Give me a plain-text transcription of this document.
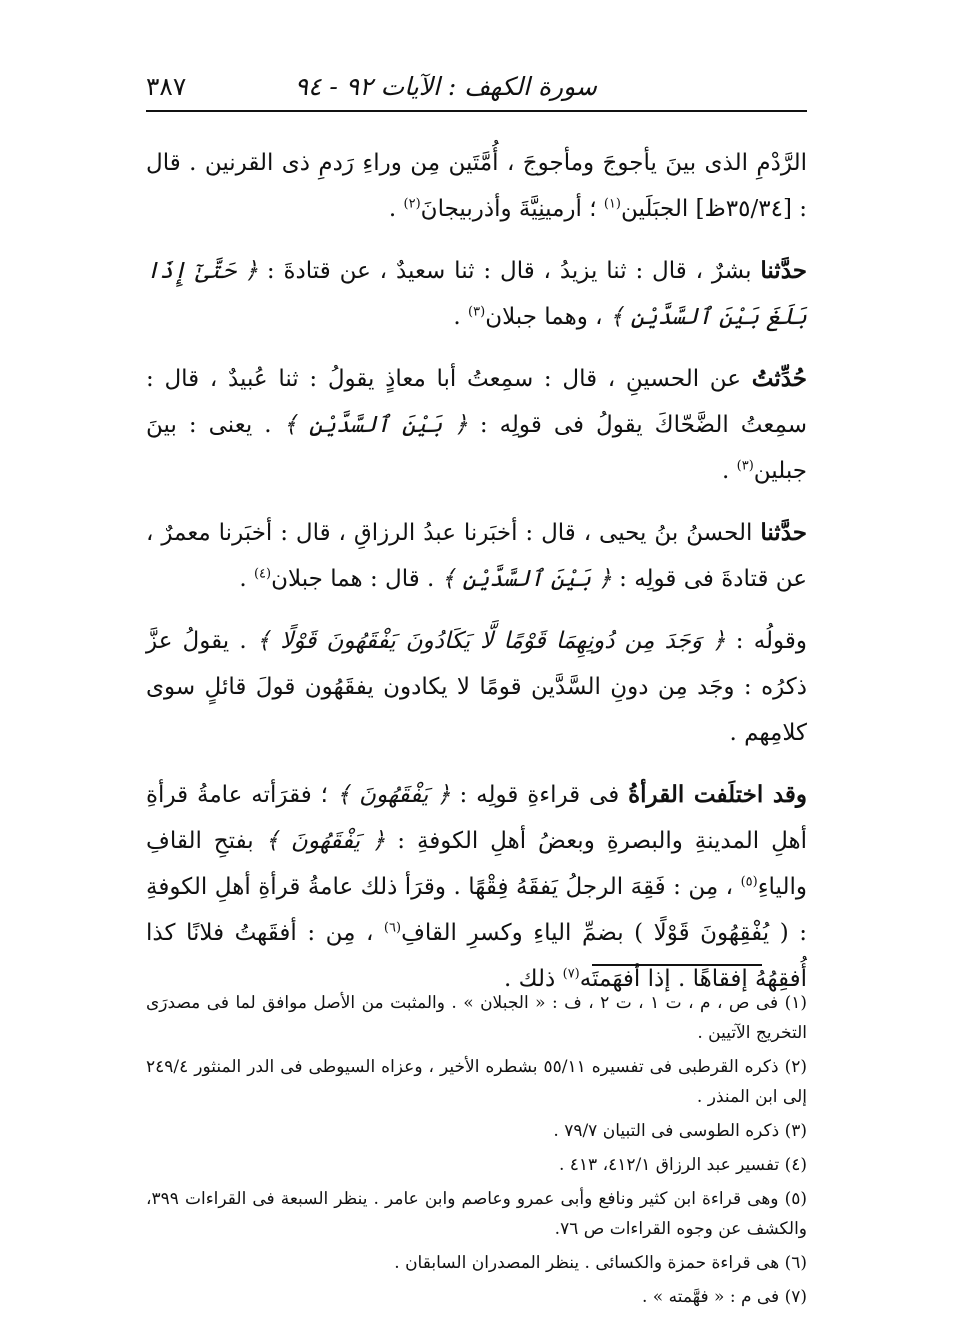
سورة الكهف : الآيات ٩٢ - ٩٤
٣٨٧

الرَّدْمِ الذى بينَ يأجوجَ ومأجوجَ ، أُمَّتَين مِن وراءِ رَدمِ ذى القرنين . قال : [٣٥/٣٤ظ] الجبَلَين$^{(١)}$ ؛ أرمينِيَّةَ وأذربيجانَ$^{(٢)}$ .

حدَّثنا بشرٌ ، قال : ثنا يزيدُ ، قال : ثنا سعيدٌ ، عن قتادةَ : ﴿ حَتَّىٰٓ إِذَا بَلَغَ بَيْنَ ٱلسَّدَّيْنِ ﴾ ، وهما جبلان$^{(٣)}$ .

حُدِّثتُ عن الحسينِ ، قال : سمِعتُ أبا معاذٍ يقولُ : ثنا عُبيدٌ ، قال : سمِعتُ الضَّحّاكَ يقولُ فى قولِه : ﴿ بَيْنَ ٱلسَّدَّيْنِ ﴾ . يعنى : بينَ جبلين$^{(٣)}$ .

حدَّثنا الحسنُ بنُ يحيى ، قال : أخبَرنا عبدُ الرزاقِ ، قال : أخبَرنا معمرٌ ، عن قتادةَ فى قولِه : ﴿ بَيْنَ ٱلسَّدَّيْنِ ﴾ . قال : هما جبلان$^{(٤)}$ .

وقولُه : ﴿ وَجَدَ مِن دُونِهِمَا قَوْمًا لَّا يَكَادُونَ يَفْقَهُونَ قَوْلًا ﴾ . يقولُ عزَّ ذكرُه : وجَد مِن دونِ السَّدَّين قومًا لا يكادون يفقَهُون قولَ قائلٍ سوى كلامِهم .

وقد اختلَفت القرأةُ فى قراءةِ قولِه : ﴿ يَفْقَهُونَ ﴾ ؛ فقرَأته عامةُ قرأةِ أهلِ المدينةِ والبصرةِ وبعضُ أهلِ الكوفةِ : ﴿ يَفْقَهُونَ ﴾ بفتحِ القافِ والياءِ$^{(٥)}$ ، مِن : فَقِهَ الرجلُ يَفقَهُ فِقْهًا . وقرَأ ذلك عامةُ قرأةِ أهلِ الكوفةِ : ( يُفْقِهُونَ قَوْلًا ) بضمِّ الياءِ وكسرِ القافِ$^{(٦)}$ ، مِن : أفقَهتُ فلانًا كذا أُفقِهُهُ إفقاهًا . إذا أفهَمتَه$^{(٧)}$ ذلك .

(١) فى ص ، م ، ت ١ ، ت ٢ ، ف : « الجبلان » . والمثبت من الأصل موافق لما فى مصدرَى التخريج الآتيين .

(٢) ذكره القرطبى فى تفسيره ٥٥/١١ بشطره الأخير ، وعزاه السيوطى فى الدر المنثور ٢٤٩/٤ إلى ابن المنذر .

(٣) ذكره الطوسى فى التبيان ٧٩/٧ .

(٤) تفسير عبد الرزاق ٤١٢/١، ٤١٣ .

(٥) وهى قراءة ابن كثير ونافع وأبى عمرو وعاصم وابن عامر . ينظر السبعة فى القراءات ٣٩٩، والكشف عن وجوه القراءات ص ٧٦.

(٦) هى قراءة حمزة والكسائى . ينظر المصدران السابقان .

(٧) فى م : « فهَّمته » .
